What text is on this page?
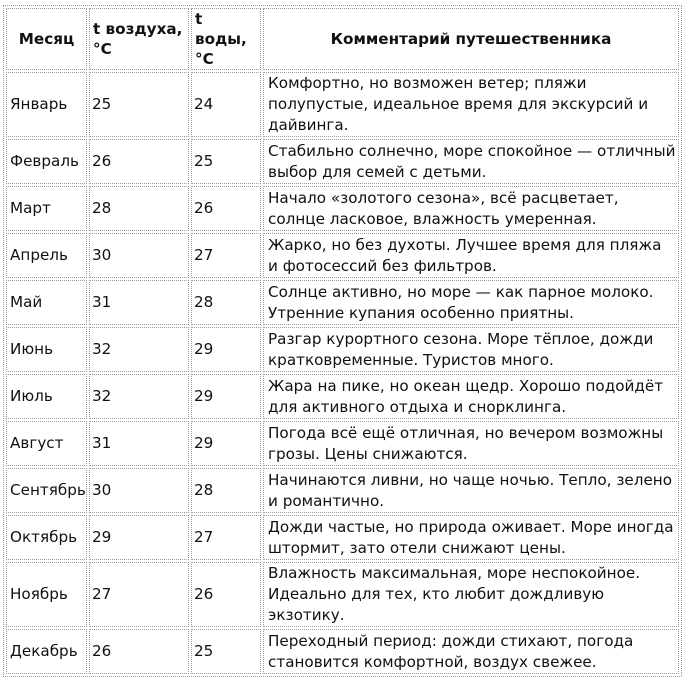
Месяц	t воздуха, °C	t воды, °C	Комментарий путешественника
Январь	25	24	Комфортно, но возможен ветер; пляжи полупустые, идеальное время для экскурсий и дайвинга.
Февраль	26	25	Стабильно солнечно, море спокойное — отличный выбор для семей с детьми.
Март	28	26	Начало «золотого сезона», всё расцветает, солнце ласковое, влажность умеренная.
Апрель	30	27	Жарко, но без духоты. Лучшее время для пляжа и фотосессий без фильтров.
Май	31	28	Солнце активно, но море — как парное молоко. Утренние купания особенно приятны.
Июнь	32	29	Разгар курортного сезона. Море тёплое, дожди кратковременные. Туристов много.
Июль	32	29	Жара на пике, но океан щедр. Хорошо подойдёт для активного отдыха и снорклинга.
Август	31	29	Погода всё ещё отличная, но вечером возможны грозы. Цены снижаются.
Сентябрь	30	28	Начинаются ливни, но чаще ночью. Тепло, зелено и романтично.
Октябрь	29	27	Дожди частые, но природа оживает. Море иногда штормит, зато отели снижают цены.
Ноябрь	27	26	Влажность максимальная, море неспокойное. Идеально для тех, кто любит дождливую экзотику.
Декабрь	26	25	Переходный период: дожди стихают, погода становится комфортной, воздух свежее.
